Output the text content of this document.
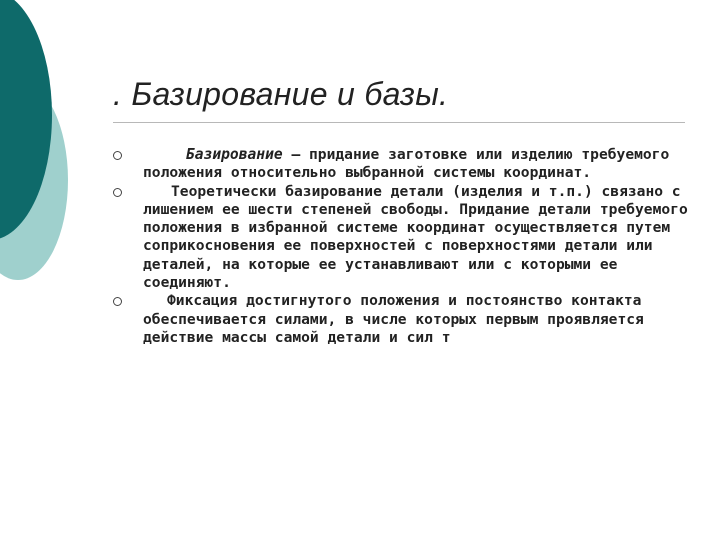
. Базирование и базы.
Базирование – придание заготовке или изделию требуемого положения относительно выбранной системы координат.
Теоретически базирование детали (изделия и т.п.) связано с лишением ее шести степеней свободы. Придание детали требуемого положения в избранной системе координат осуществляется путем соприкосновения ее поверхностей с поверхностями детали или деталей, на которые ее устанавливают или с которыми ее соединяют.
Фиксация достигнутого положения и постоянство контакта обеспечивается силами, в числе которых первым проявляется действие массы самой детали и сил т
